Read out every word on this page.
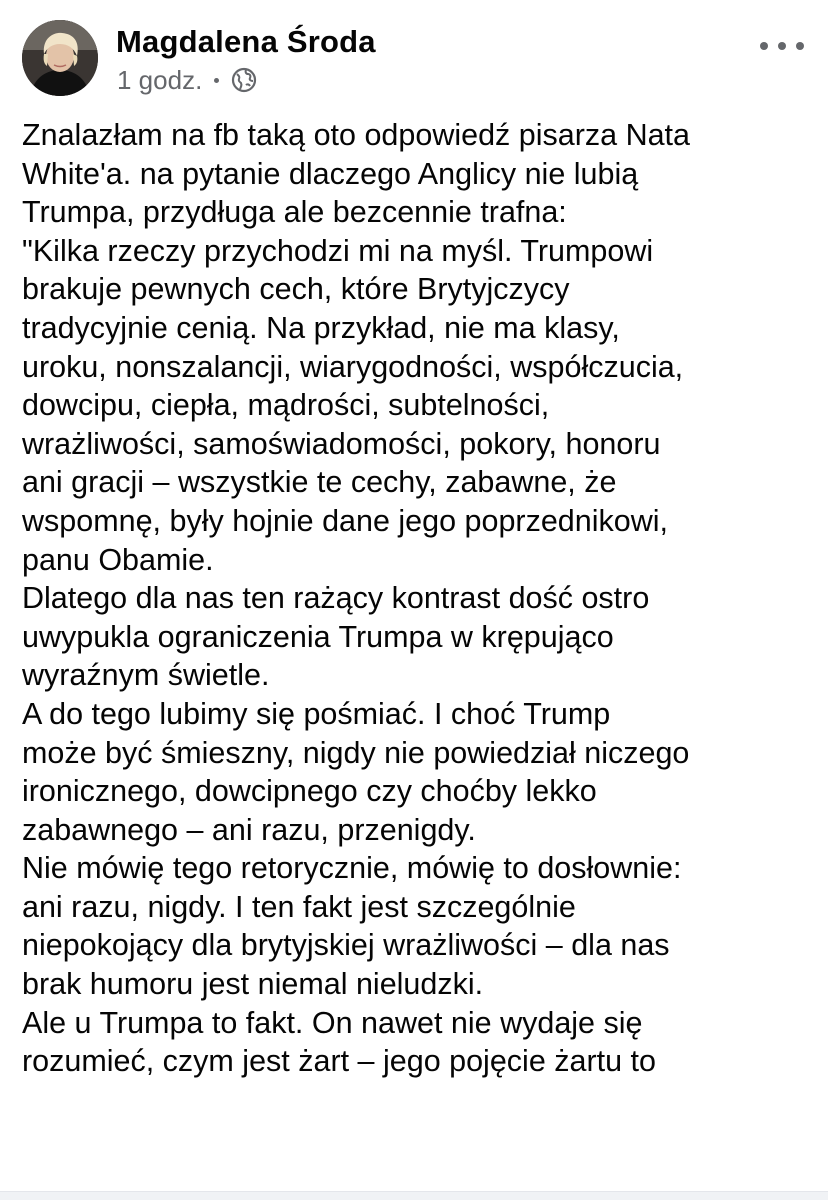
Magdalena Środa
1 godz.
Znalazłam na fb taką oto odpowiedź pisarza Nata
White'a. na pytanie dlaczego Anglicy nie lubią
Trumpa, przydługa ale bezcennie trafna:
"Kilka rzeczy przychodzi mi na myśl. Trumpowi
brakuje pewnych cech, które Brytyjczycy
tradycyjnie cenią. Na przykład, nie ma klasy,
uroku, nonszalancji, wiarygodności, współczucia,
dowcipu, ciepła, mądrości, subtelności,
wrażliwości, samoświadomości, pokory, honoru
ani gracji – wszystkie te cechy, zabawne, że
wspomnę, były hojnie dane jego poprzednikowi,
panu Obamie.
Dlatego dla nas ten rażący kontrast dość ostro
uwypukla ograniczenia Trumpa w krępująco
wyraźnym świetle.
A do tego lubimy się pośmiać. I choć Trump
może być śmieszny, nigdy nie powiedział niczego
ironicznego, dowcipnego czy choćby lekko
zabawnego – ani razu, przenigdy.
Nie mówię tego retorycznie, mówię to dosłownie:
ani razu, nigdy. I ten fakt jest szczególnie
niepokojący dla brytyjskiej wrażliwości – dla nas
brak humoru jest niemal nieludzki.
Ale u Trumpa to fakt. On nawet nie wydaje się
rozumieć, czym jest żart – jego pojęcie żartu to
